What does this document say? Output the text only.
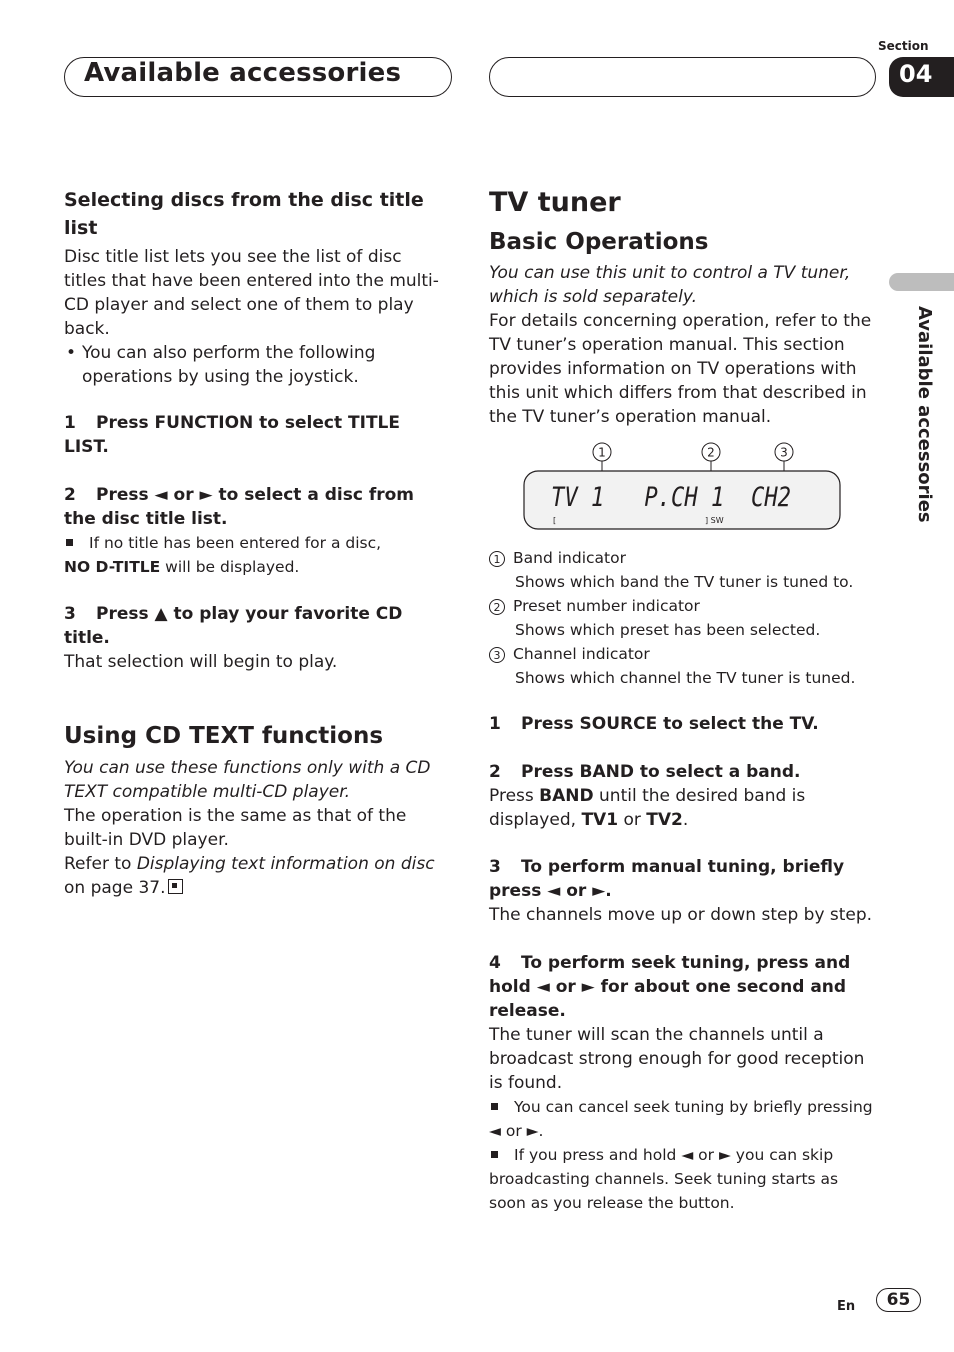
Available accessories
Section
04
Available accessories

Selecting discs from the disc title list

Disc title list lets you see the list of disc titles that have been entered into the multi-CD player and select one of them to play back.

• You can also perform the following operations by using the joystick.

1 Press FUNCTION to select TITLE LIST.

2 Press ◄ or ► to select a disc from the disc title list.

If no title has been entered for a disc,

NO D-TITLE will be displayed.

3 Press ▲ to play your favorite CD title.

That selection will begin to play.

Using CD TEXT functions

You can use these functions only with a CD TEXT compatible multi-CD player.

The operation is the same as that of the built-in DVD player.

Refer to Displaying text information on disc on page 37.

TV tuner

Basic Operations

You can use this unit to control a TV tuner, which is sold separately.

For details concerning operation, refer to the TV tuner’s operation manual. This section provides information on TV operations with this unit which differs from that described in the TV tuner’s operation manual.

1	2	3
TV 1   P.CH 1  CH2
[	] SW

1 Band indicator

Shows which band the TV tuner is tuned to.

2 Preset number indicator

Shows which preset has been selected.

3 Channel indicator

Shows which channel the TV tuner is tuned.

1 Press SOURCE to select the TV.

2 Press BAND to select a band.

Press BAND until the desired band is displayed, TV1 or TV2.

3 To perform manual tuning, briefly press ◄ or ►.

The channels move up or down step by step.

4 To perform seek tuning, press and hold ◄ or ► for about one second and release.

The tuner will scan the channels until a broadcast strong enough for good reception is found.

You can cancel seek tuning by briefly pressing ◄ or ►.

If you press and hold ◄ or ► you can skip broadcasting channels. Seek tuning starts as soon as you release the button.

En	65
